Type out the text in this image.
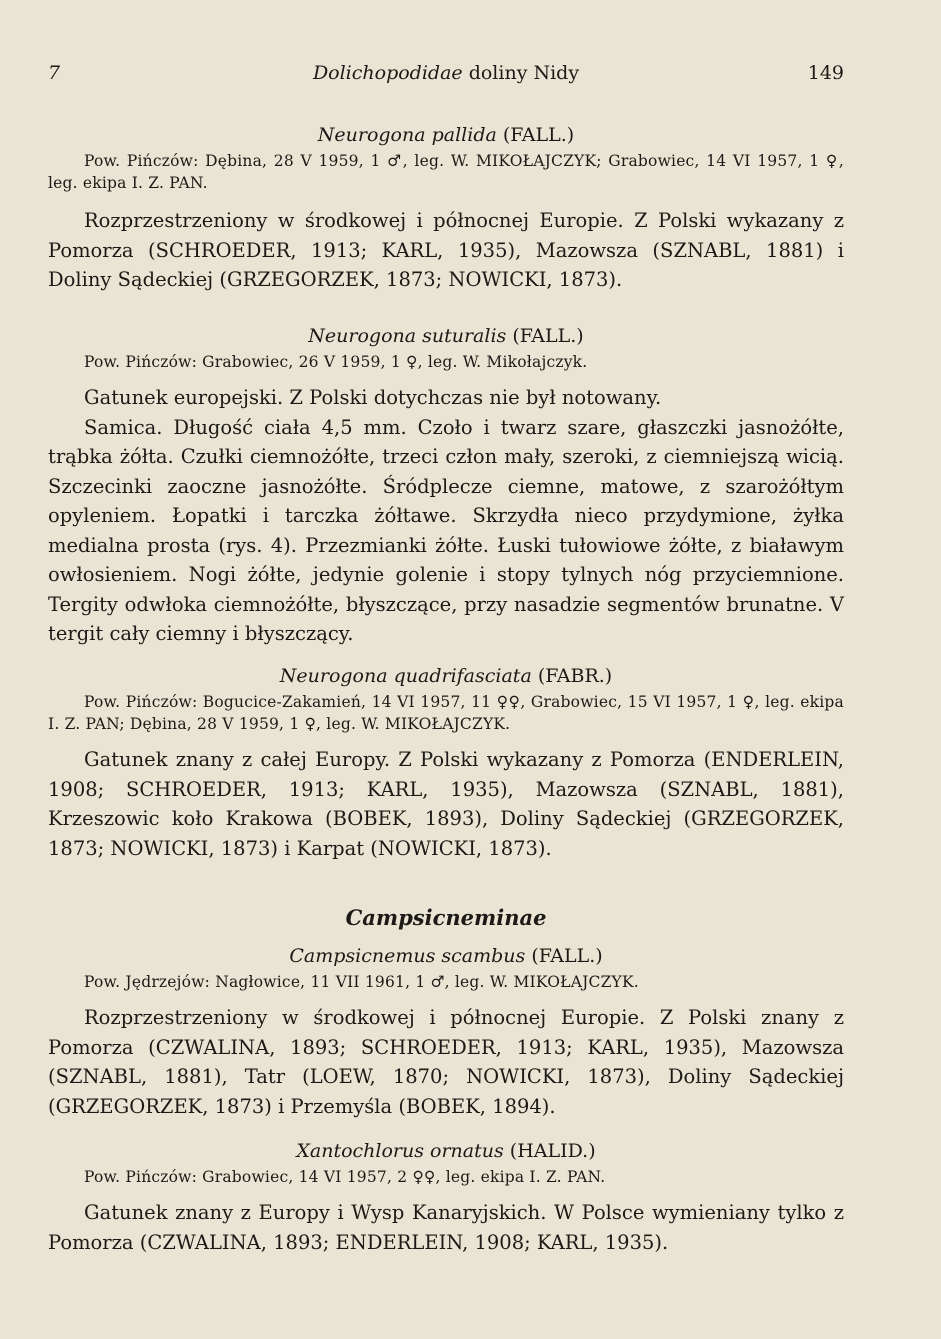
7	Dolichopodidae doliny Nidy	149
Neurogona pallida (FALL.)

Pow. Pińczów: Dębina, 28 V 1959, 1 ♂, leg. W. MIKOŁAJCZYK; Grabowiec, 14 VI 1957, 1 ♀, leg. ekipa I. Z. PAN.

Rozprzestrzeniony w środkowej i północnej Europie. Z Polski wykazany z Pomorza (SCHROEDER, 1913; KARL, 1935), Mazowsza (SZNABL, 1881) i Doliny Sądeckiej (GRZEGORZEK, 1873; NOWICKI, 1873).

Neurogona suturalis (FALL.)

Pow. Pińczów: Grabowiec, 26 V 1959, 1 ♀, leg. W. Mikołajczyk.

Gatunek europejski. Z Polski dotychczas nie był notowany.

Samica. Długość ciała 4,5 mm. Czoło i twarz szare, głaszczki jasnożółte, trąbka żółta. Czułki ciemnożółte, trzeci człon mały, szeroki, z ciemniejszą wicią. Szczecinki zaoczne jasnożółte. Śródplecze ciemne, matowe, z szarożółtym opyleniem. Łopatki i tarczka żółtawe. Skrzydła nieco przydymione, żyłka medialna prosta (rys. 4). Przezmianki żółte. Łuski tułowiowe żółte, z białawym owłosieniem. Nogi żółte, jedynie golenie i stopy tylnych nóg przyciemnione. Tergity odwłoka ciemnożółte, błyszczące, przy nasadzie segmentów brunatne. V tergit cały ciemny i błyszczący.

Neurogona quadrifasciata (FABR.)

Pow. Pińczów: Bogucice-Zakamień, 14 VI 1957, 11 ♀♀, Grabowiec, 15 VI 1957, 1 ♀, leg. ekipa I. Z. PAN; Dębina, 28 V 1959, 1 ♀, leg. W. MIKOŁAJCZYK.

Gatunek znany z całej Europy. Z Polski wykazany z Pomorza (ENDERLEIN, 1908; SCHROEDER, 1913; KARL, 1935), Mazowsza (SZNABL, 1881), Krzeszowic koło Krakowa (BOBEK, 1893), Doliny Sądeckiej (GRZEGORZEK, 1873; NOWICKI, 1873) i Karpat (NOWICKI, 1873).

Campsicneminae
Campsicnemus scambus (FALL.)

Pow. Jędrzejów: Nagłowice, 11 VII 1961, 1 ♂, leg. W. MIKOŁAJCZYK.

Rozprzestrzeniony w środkowej i północnej Europie. Z Polski znany z Pomorza (CZWALINA, 1893; SCHROEDER, 1913; KARL, 1935), Mazowsza (SZNABL, 1881), Tatr (LOEW, 1870; NOWICKI, 1873), Doliny Sądeckiej (GRZEGORZEK, 1873) i Przemyśla (BOBEK, 1894).

Xantochlorus ornatus (HALID.)

Pow. Pińczów: Grabowiec, 14 VI 1957, 2 ♀♀, leg. ekipa I. Z. PAN.

Gatunek znany z Europy i Wysp Kanaryjskich. W Polsce wymieniany tylko z Pomorza (CZWALINA, 1893; ENDERLEIN, 1908; KARL, 1935).
